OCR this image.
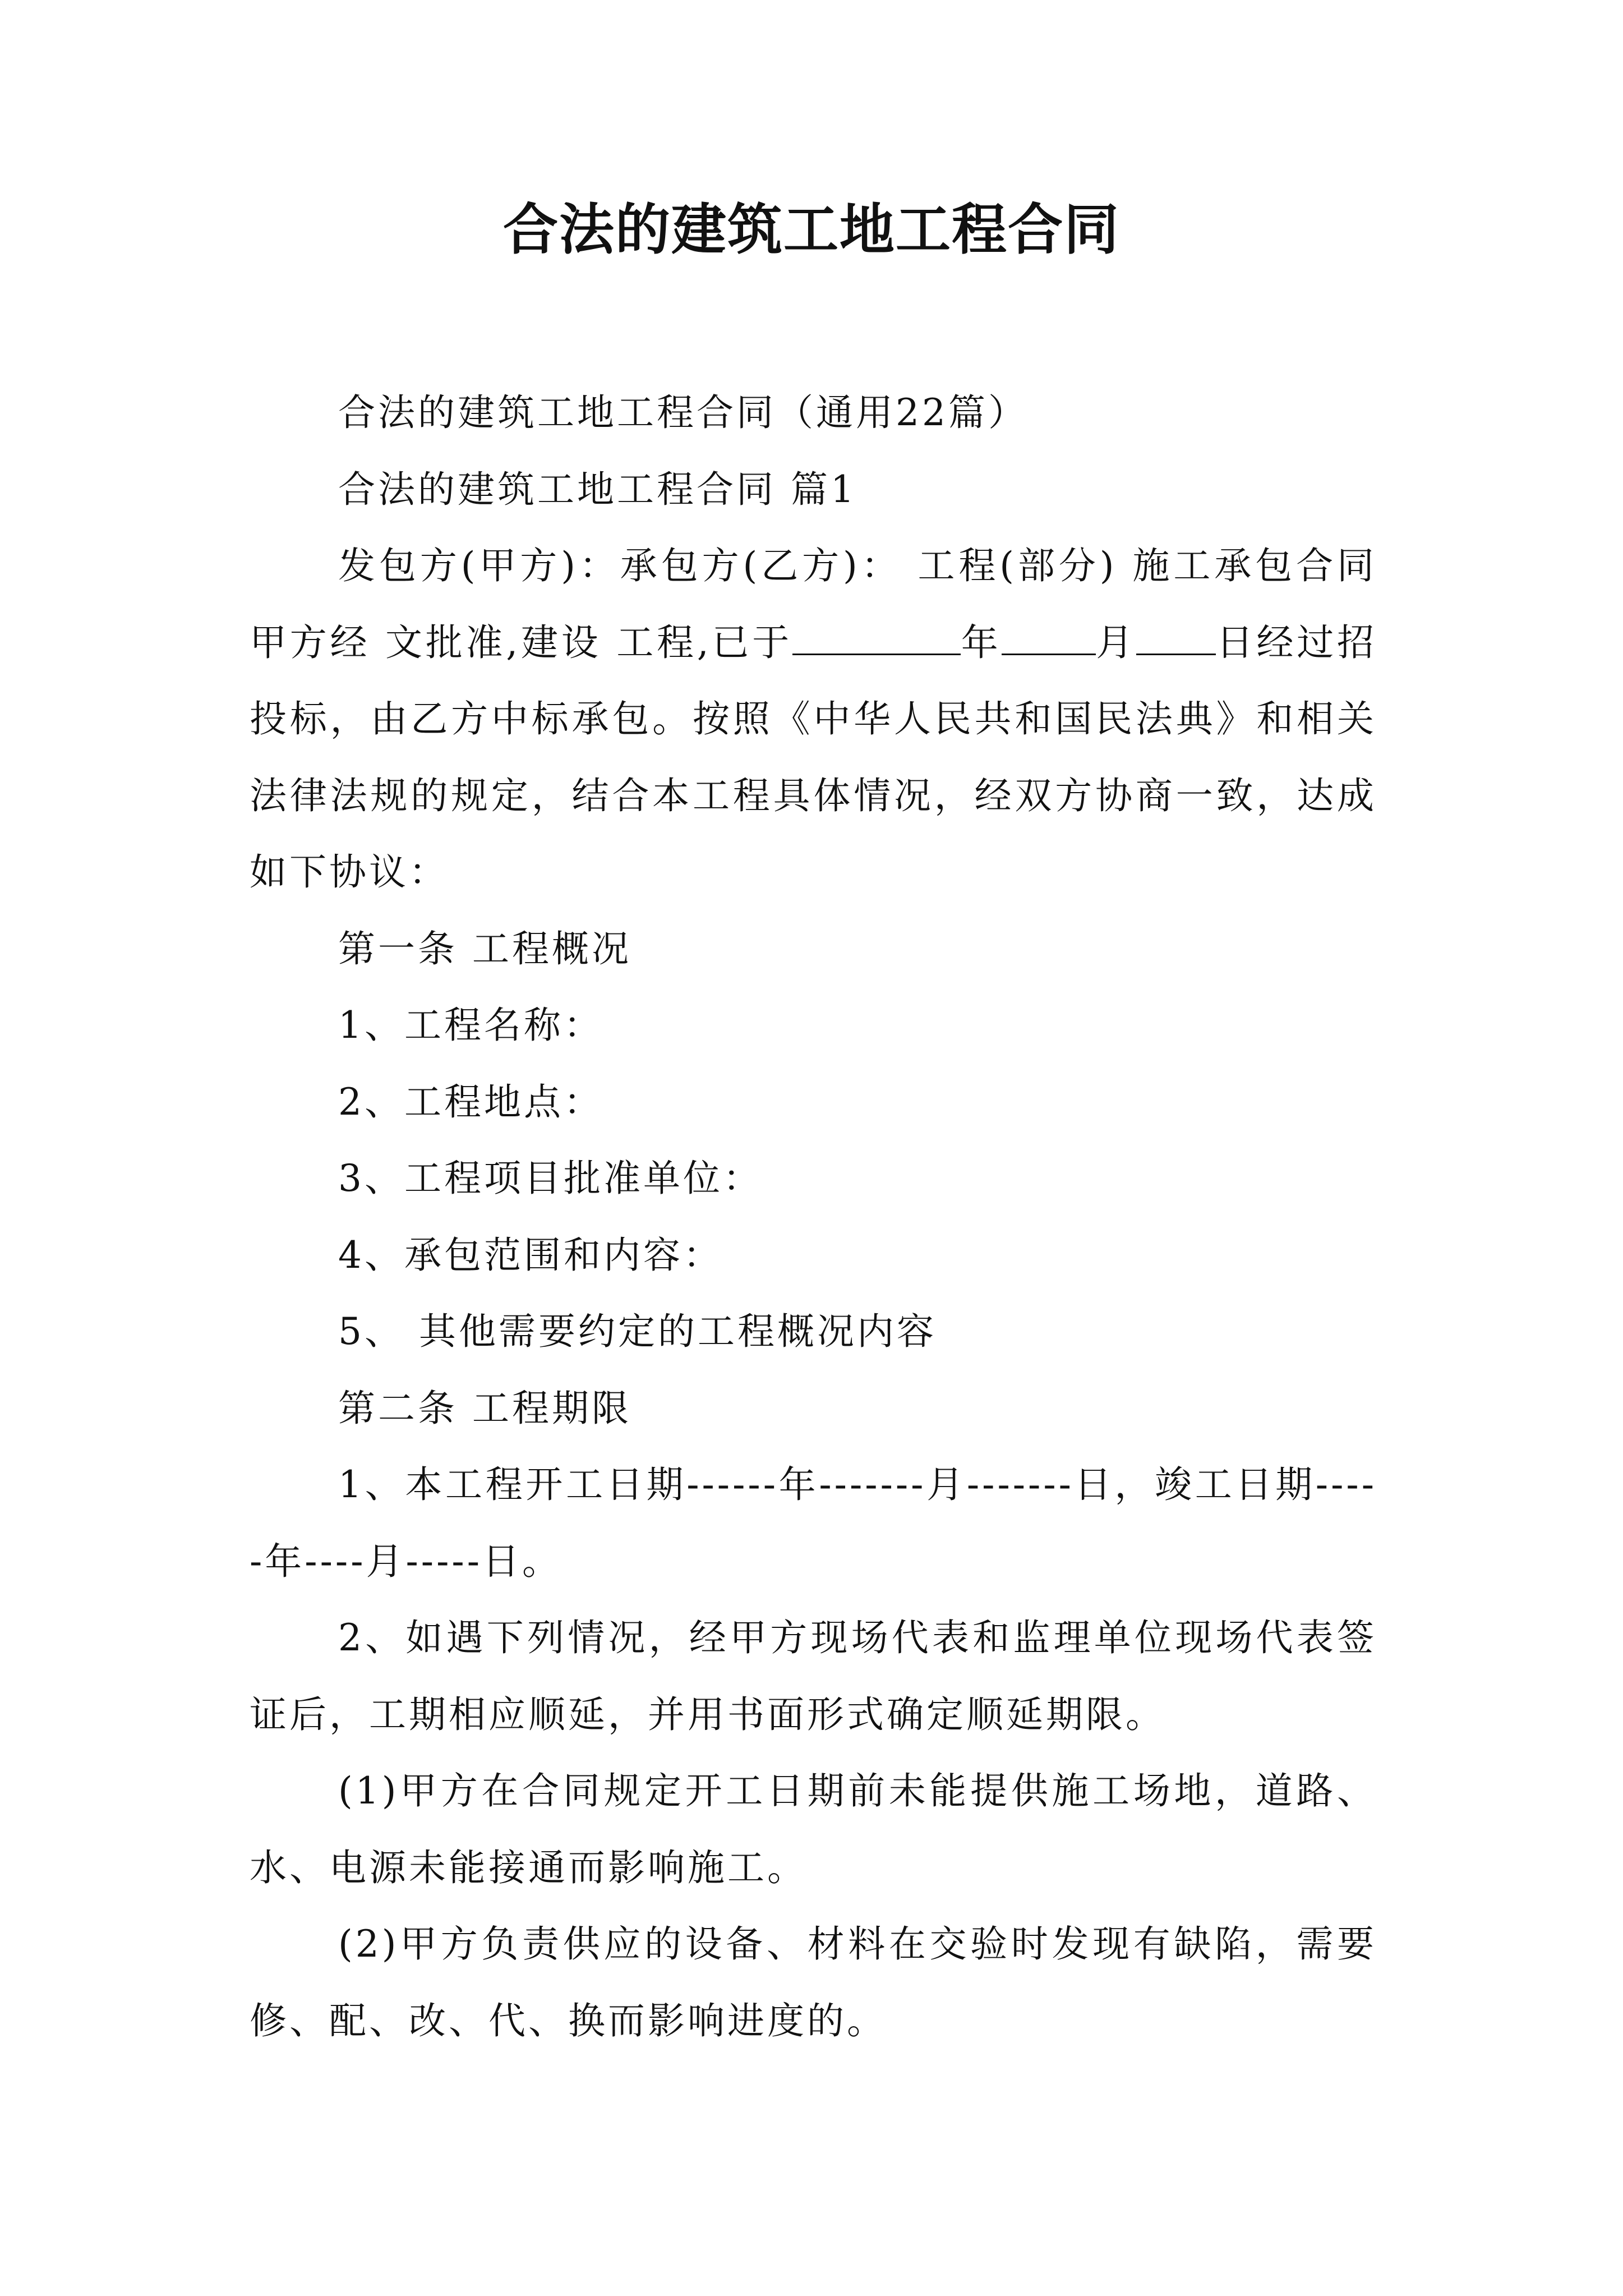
合法的建筑工地工程合同

合法的建筑工地工程合同（通用22篇）

合法的建筑工地工程合同 篇1

发包方(甲方)：承包方(乙方)： 工程(部分) 施工承包合同甲方经 文批准,建设 工程,已于	年	月 日经过招投标，由乙方中标承包。按照《中华人民共和国民法典》和相关法律法规的规定，结合本工程具体情况，经双方协商一致，达成如下协议：

第一条 工程概况

1、工程名称：

2、工程地点：

3、工程项目批准单位：

4、承包范围和内容：

5、 其他需要约定的工程概况内容

第二条 工程期限

1、本工程开工日期------年-------月-------日，竣工日期-----年----月-----日。

2、如遇下列情况，经甲方现场代表和监理单位现场代表签证后，工期相应顺延，并用书面形式确定顺延期限。

(1)甲方在合同规定开工日期前未能提供施工场地，道路、水、电源未能接通而影响施工。

(2)甲方负责供应的设备、材料在交验时发现有缺陷，需要修、配、改、代、换而影响进度的。
